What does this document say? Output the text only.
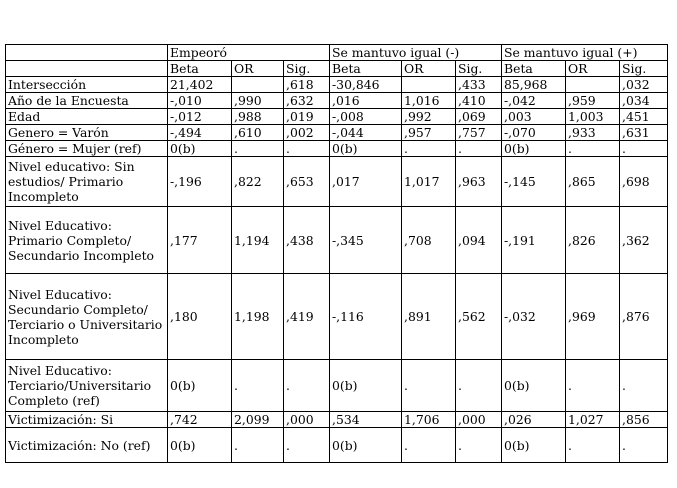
	Empeoró			Se mantuvo igual (-)			Se mantuvo igual (+)		
	Beta	OR	Sig.	Beta	OR	Sig.	Beta	OR	Sig.
Intersección	21,402		,618	-30,846		,433	85,968		,032
Año de la Encuesta	-,010	,990	,632	,016	1,016	,410	-,042	,959	,034
Edad	-,012	,988	,019	-,008	,992	,069	,003	1,003	,451
Genero = Varón	-,494	,610	,002	-,044	,957	,757	-,070	,933	,631
Género = Mujer (ref)	0(b)	.	.	0(b)	.	.	0(b)	.	.
Nivel educativo: Sin estudios/ Primario Incompleto	-,196	,822	,653	,017	1,017	,963	-,145	,865	,698
Nivel Educativo: Primario Completo/ Secundario Incompleto	,177	1,194	,438	-,345	,708	,094	-,191	,826	,362
Nivel Educativo: Secundario Completo/ Terciario o Universitario Incompleto	,180	1,198	,419	-,116	,891	,562	-,032	,969	,876
Nivel Educativo: Terciario/Universitario Completo (ref)	0(b)	.	.	0(b)	.	.	0(b)	.	.
Victimización: Si	,742	2,099	,000	,534	1,706	,000	,026	1,027	,856
Victimización: No (ref)	0(b)	.	.	0(b)	.	.	0(b)	.	.
